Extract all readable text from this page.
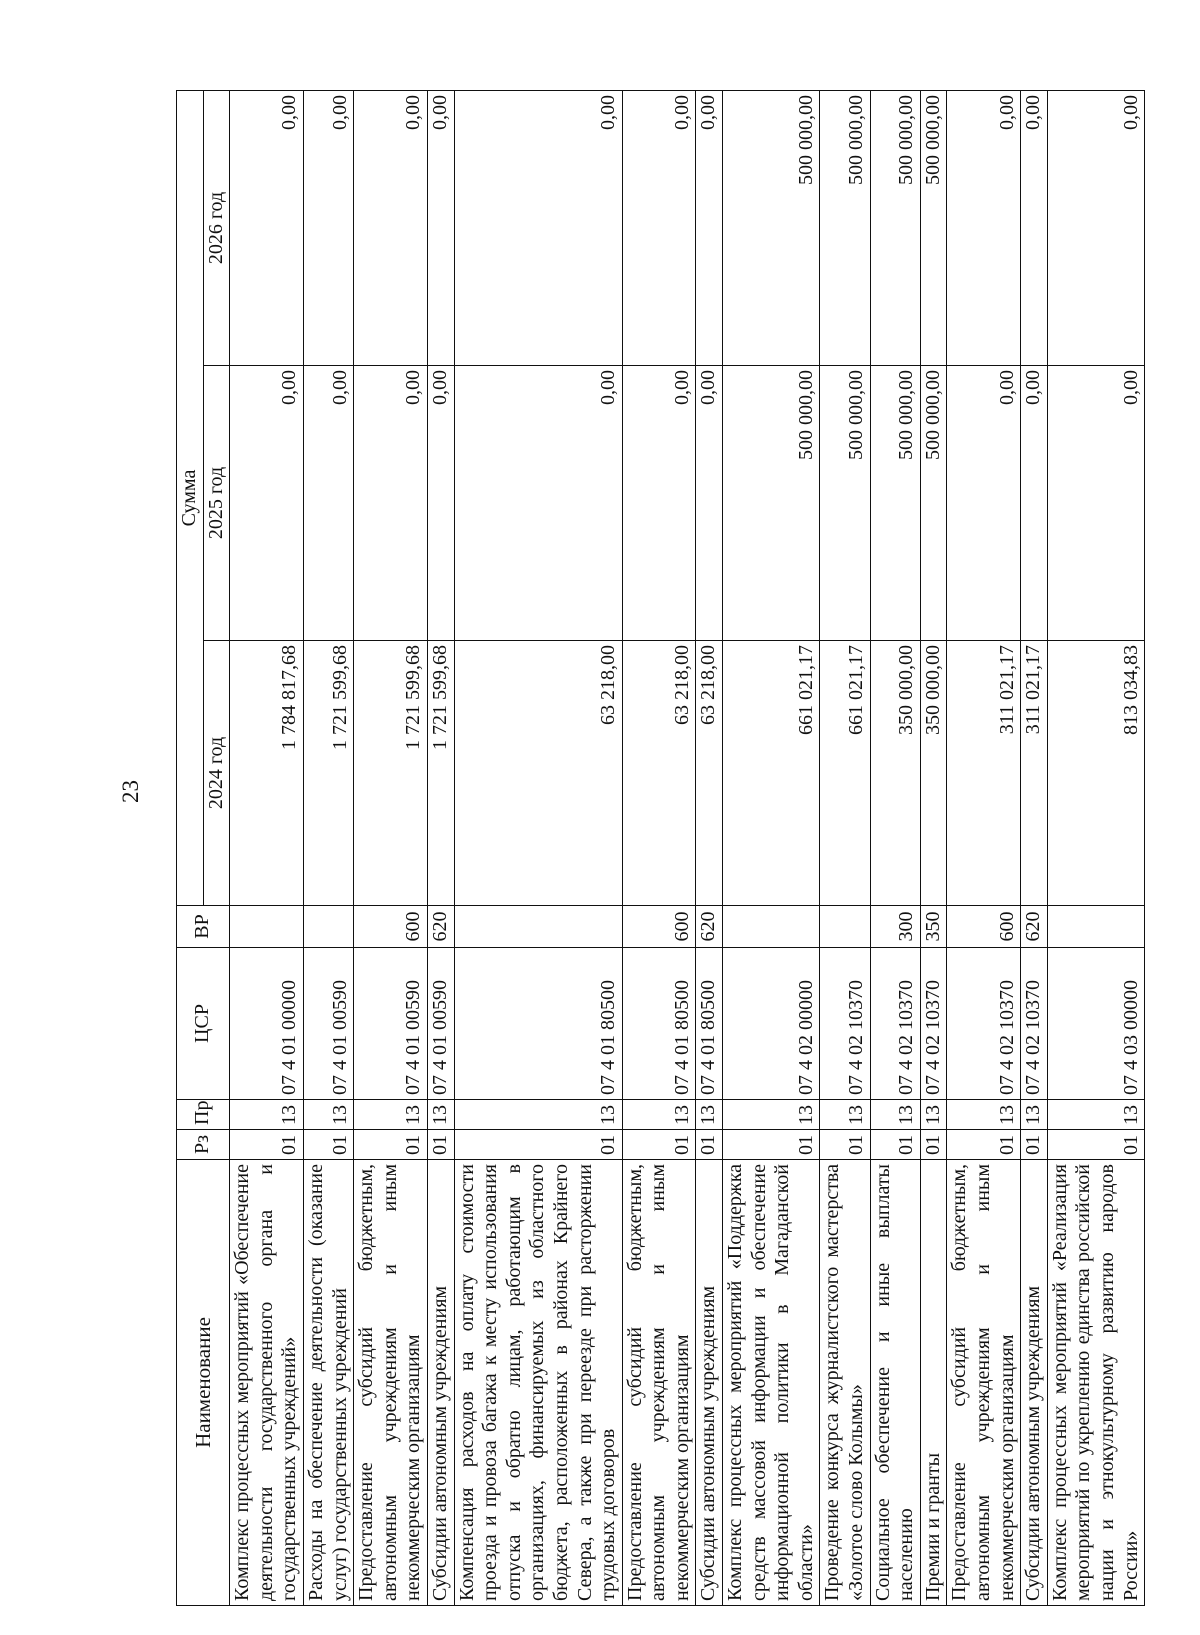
23
Наименование	Рз	Пр	ЦСР	ВР	Сумма		
					2024 год	2025 год	2026 год
Комплекс процессных мероприятий «Обеспечение деятельности государственного органа и государственных учреждений»	01	13	07 4 01 00000		1 784 817,68	0,00	0,00
Расходы на обеспечение деятельности (оказание услуг) государственных учреждений	01	13	07 4 01 00590		1 721 599,68	0,00	0,00
Предоставление субсидий бюджетным, автономным учреждениям и иным некоммерческим организациям	01	13	07 4 01 00590	600	1 721 599,68	0,00	0,00
Субсидии автономным учреждениям	01	13	07 4 01 00590	620	1 721 599,68	0,00	0,00
Компенсация расходов на оплату стоимости проезда и провоза багажа к месту использования отпуска и обратно лицам, работающим в организациях, финансируемых из областного бюджета, расположенных в районах Крайнего Севера, а также при переезде при расторжении трудовых договоров	01	13	07 4 01 80500		63 218,00	0,00	0,00
Предоставление субсидий бюджетным, автономным учреждениям и иным некоммерческим организациям	01	13	07 4 01 80500	600	63 218,00	0,00	0,00
Субсидии автономным учреждениям	01	13	07 4 01 80500	620	63 218,00	0,00	0,00
Комплекс процессных мероприятий «Поддержка средств массовой информации и обеспечение информационной политики в Магаданской области»	01	13	07 4 02 00000		661 021,17	500 000,00	500 000,00
Проведение конкурса журналистского мастерства «Золотое слово Колымы»	01	13	07 4 02 10370		661 021,17	500 000,00	500 000,00
Социальное обеспечение и иные выплаты населению	01	13	07 4 02 10370	300	350 000,00	500 000,00	500 000,00
Премии и гранты	01	13	07 4 02 10370	350	350 000,00	500 000,00	500 000,00
Предоставление субсидий бюджетным, автономным учреждениям и иным некоммерческим организациям	01	13	07 4 02 10370	600	311 021,17	0,00	0,00
Субсидии автономным учреждениям	01	13	07 4 02 10370	620	311 021,17	0,00	0,00
Комплекс процессных мероприятий «Реализация мероприятий по укреплению единства российской нации и этнокультурному развитию народов России»	01	13	07 4 03 00000		813 034,83	0,00	0,00
